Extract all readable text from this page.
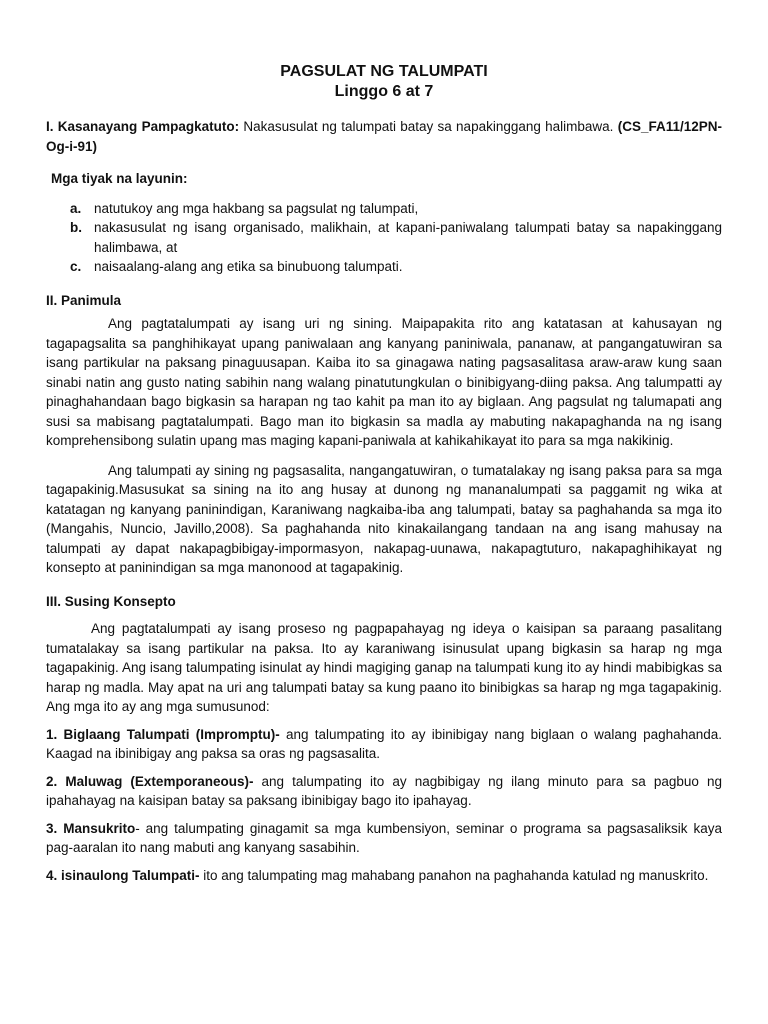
PAGSULAT NG TALUMPATI
Linggo 6 at 7

I. Kasanayang Pampagkatuto: Nakasusulat ng talumpati batay sa napakinggang halimbawa. (CS_FA11/12PN-Og-i-91)

Mga tiyak na layunin:
a. natutukoy ang mga hakbang sa pagsulat ng talumpati,
b. nakasusulat ng isang organisado, malikhain, at kapani-paniwalang talumpati batay sa napakinggang halimbawa, at
c. naisaalang-alang ang etika sa binubuong talumpati.
II. Panimula

Ang pagtatalumpati ay isang uri ng sining. Maipapakita rito ang katatasan at kahusayan ng tagapagsalita sa panghihikayat upang paniwalaan ang kanyang paniniwala, pananaw, at pangangatuwiran sa isang partikular na paksang pinaguusapan. Kaiba ito sa ginagawa nating pagsasalitasa araw-araw kung saan sinabi natin ang gusto nating sabihin nang walang pinatutungkulan o binibigyang-diing paksa. Ang talumpatti ay pinaghahandaan bago bigkasin sa harapan ng tao kahit pa man ito ay biglaan. Ang pagsulat ng talumapati ang susi sa mabisang pagtatalumpati. Bago man ito bigkasin sa madla ay mabuting nakapaghanda na ng isang komprehensibong sulatin upang mas maging kapani-paniwala at kahikahikayat ito para sa mga nakikinig.

Ang talumpati ay sining ng pagsasalita, nangangatuwiran, o tumatalakay ng isang paksa para sa mga tagapakinig.Masusukat sa sining na ito ang husay at dunong ng mananalumpati sa paggamit ng wika at katatagan ng kanyang paninindigan, Karaniwang nagkaiba-iba ang talumpati, batay sa paghahanda sa mga ito (Mangahis, Nuncio, Javillo,2008). Sa paghahanda nito kinakailangang tandaan na ang isang mahusay na talumpati ay dapat nakapagbibigay-impormasyon, nakapag-uunawa, nakapagtuturo, nakapaghihikayat ng konsepto at paninindigan sa mga manonood at tagapakinig.

III. Susing Konsepto

Ang pagtatalumpati ay isang proseso ng pagpapahayag ng ideya o kaisipan sa paraang pasalitang tumatalakay sa isang partikular na paksa. Ito ay karaniwang isinusulat upang bigkasin sa harap ng mga tagapakinig. Ang isang talumpating isinulat ay hindi magiging ganap na talumpati kung ito ay hindi mabibigkas sa harap ng madla. May apat na uri ang talumpati batay sa kung paano ito binibigkas sa harap ng mga tagapakinig. Ang mga ito ay ang mga sumusunod:

1. Biglaang Talumpati (Impromptu)- ang talumpating ito ay ibinibigay nang biglaan o walang paghahanda. Kaagad na ibinibigay ang paksa sa oras ng pagsasalita.

2. Maluwag (Extemporaneous)- ang talumpating ito ay nagbibigay ng ilang minuto para sa pagbuo ng ipahahayag na kaisipan batay sa paksang ibinibigay bago ito ipahayag.

3. Mansukrito- ang talumpating ginagamit sa mga kumbensiyon, seminar o programa sa pagsasaliksik kaya pag-aaralan ito nang mabuti ang kanyang sasabihin.

4. isinaulong Talumpati- ito ang talumpating mag mahabang panahon na paghahanda katulad ng manuskrito.
